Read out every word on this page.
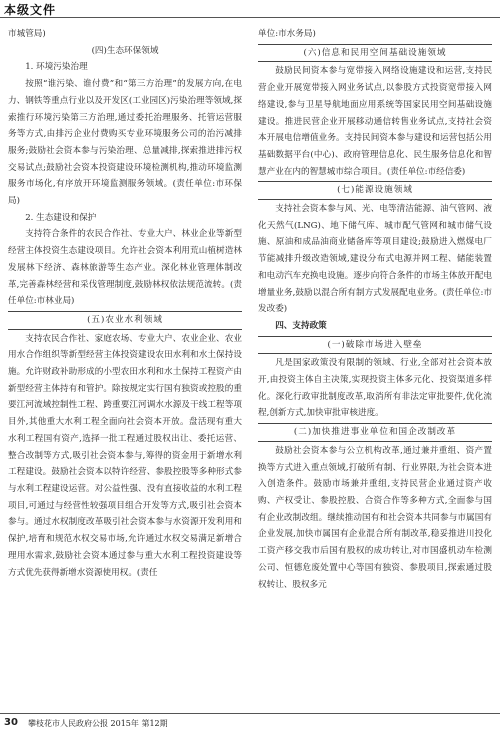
本级文件

市城管局)

(四)生态环保领域

1. 环境污染治理

按照“谁污染、谁付费”和“第三方治理”的发展方向,在电力、钢铁等重点行业以及开发区(工业园区)污染治理等领域,探索推行环境污染第三方治理,通过委托治理服务、托管运营服务等方式,由排污企业付费购买专业环境服务公司的治污减排服务;鼓励社会资本参与污染治理、总量减排,探索推进排污权交易试点;鼓励社会资本投资建设环境检测机构,推动环境监测服务市场化,有序放开环境监测服务领域。(责任单位:市环保局)

2. 生态建设和保护

支持符合条件的农民合作社、专业大户、林业企业等新型经营主体投资生态建设项目。允许社会资本利用荒山植树造林发展林下经济、森林旅游等生态产业。深化林业管理体制改革,完善森林经营和采伐管理制度,鼓励林权依法规范流转。(责任单位:市林业局)

(五)农业水利领域

支持农民合作社、家庭农场、专业大户、农业企业、农业用水合作组织等新型经营主体投资建设农田水利和水土保持设施。允许财政补助形成的小型农田水利和水土保持工程资产由新型经营主体持有和管护。除按规定实行国有独资或控股的重要江河流域控制性工程、跨重要江河调水水源及干线工程等项目外,其他重大水利工程全面向社会资本开放。盘活现有重大水利工程国有资产,选择一批工程通过股权出让、委托运营、整合改制等方式,吸引社会资本参与,筹得的资金用于新增水利工程建设。鼓励社会资本以特许经营、参股控股等多种形式参与水利工程建设运营。对公益性强、没有直接收益的水利工程项目,可通过与经营性较强项目组合开发等方式,吸引社会资本参与。通过水权制度改革吸引社会资本参与水资源开发利用和保护,培育和规范水权交易市场,允许通过水权交易满足新增合理用水需求,鼓励社会资本通过参与重大水利工程投资建设等方式优先获得新增水资源使用权。(责任

单位:市水务局)

(六)信息和民用空间基础设施领域

鼓励民间资本参与宽带接入网络设施建设和运营,支持民营企业开展宽带接入网业务试点,以参股方式投资宽带接入网络建设,参与卫星导航地面应用系统等国家民用空间基础设施建设。推进民营企业开展移动通信转售业务试点,支持社会资本开展电信增值业务。支持民间资本参与建设和运营包括公用基础数据平台(中心)、政府管理信息化、民生服务信息化和智慧产业在内的智慧城市综合项目。(责任单位:市经信委)

(七)能源设施领域

支持社会资本参与风、光、电等清洁能源、油气管网、液化天然气(LNG)、地下储气库、城市配气管网和城市储气设施、原油和成品油商业储备库等项目建设;鼓励进入燃煤电厂节能减排升级改造领域,建设分布式电源并网工程、储能装置和电动汽车充换电设施。逐步向符合条件的市场主体放开配电增量业务,鼓励以混合所有制方式发展配电业务。(责任单位:市发改委)

四、支持政策

(一)破除市场进入壁垒

凡是国家政策没有限制的领域、行业,全部对社会资本放开,由投资主体自主决策,实现投资主体多元化、投资渠道多样化。深化行政审批制度改革,取消所有非法定审批要件,优化流程,创新方式,加快审批审核进度。

(二)加快推进事业单位和国企改制改革

鼓励社会资本参与公立机构改革,通过兼并重组、资产置换等方式进入重点领域,打破所有制、行业界限,为社会资本进入创造条件。鼓励市场兼并重组,支持民营企业通过资产收购、产权受让、参股控股、合资合作等多种方式,全面参与国有企业改制改组。继续推动国有和社会资本共同参与市属国有企业发展,加快市属国有企业混合所有制改革,稳妥推进川投化工资产移交我市后国有股权的成功转让,对市国盛机动车检测公司、恒德危废处置中心等国有独资、参股项目,探索通过股权转让、股权多元

30 攀枝花市人民政府公报 2015年 第12期
